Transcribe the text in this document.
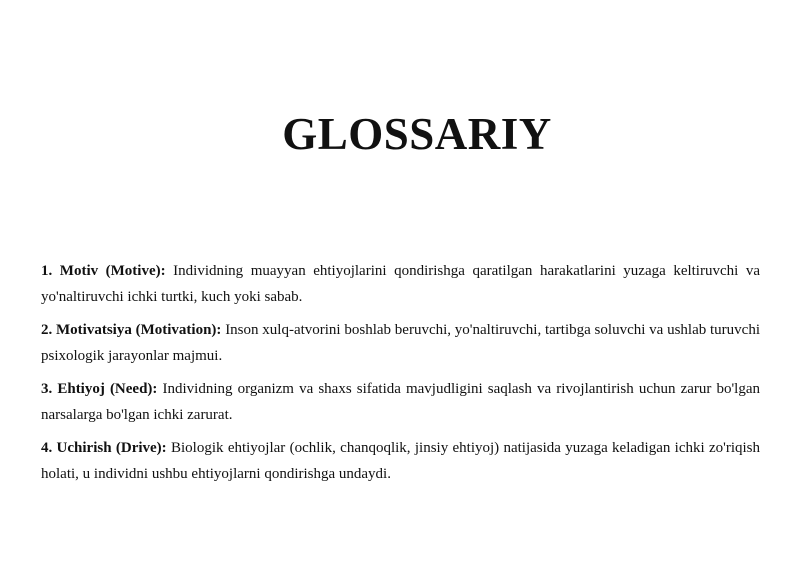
GLOSSARIY

1. Motiv (Motive): Individning muayyan ehtiyojlarini qondirishga qaratilgan harakatlarini yuzaga keltiruvchi va yo'naltiruvchi ichki turtki, kuch yoki sabab.

2. Motivatsiya (Motivation): Inson xulq-atvorini boshlab beruvchi, yo'naltiruvchi, tartibga soluvchi va ushlab turuvchi psixologik jarayonlar majmui.

3. Ehtiyoj (Need): Individning organizm va shaxs sifatida mavjudligini saqlash va rivojlantirish uchun zarur bo'lgan narsalarga bo'lgan ichki zarurat.

4. Uchirish (Drive): Biologik ehtiyojlar (ochlik, chanqoqlik, jinsiy ehtiyoj) natijasida yuzaga keladigan ichki zo'riqish holati, u individni ushbu ehtiyojlarni qondirishga undaydi.
